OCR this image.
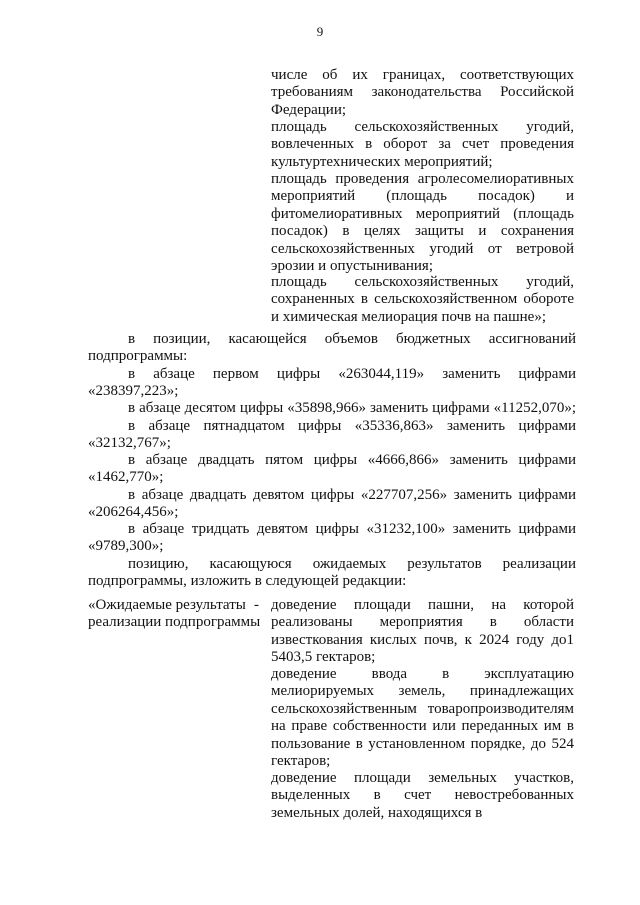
9

числе об их границах, соответствующих требованиям законодательства Российской Федерации;

площадь сельскохозяйственных угодий, вовлеченных в оборот за счет проведения культуртехнических мероприятий;

площадь проведения агролесомелиоративных мероприятий (площадь посадок) и фитомелиоративных мероприятий (площадь посадок) в целях защиты и сохранения сельскохозяйственных угодий от ветровой эрозии и опустынивания;

площадь сельскохозяйственных угодий, сохраненных в сельскохозяйственном обороте и химическая мелиорация почв на пашне»;

в позиции, касающейся объемов бюджетных ассигнований подпрограммы:

в абзаце первом цифры «263044,119» заменить цифрами «238397,223»;

в абзаце десятом цифры «35898,966» заменить цифрами «11252,070»;

в абзаце пятнадцатом цифры «35336,863» заменить цифрами «32132,767»;

в абзаце двадцать пятом цифры «4666,866» заменить цифрами «1462,770»;

в абзаце двадцать девятом цифры «227707,256» заменить цифрами «206264,456»;

в абзаце тридцать девятом цифры «31232,100» заменить цифрами «9789,300»;

позицию, касающуюся ожидаемых результатов реализации подпрограммы, изложить в следующей редакции:

«Ожидаемые результаты реализации подпрограммы

- доведение площади пашни, на которой реализованы мероприятия в области известкования кислых почв, к 2024 году до1 5403,5 гектаров;

доведение ввода в эксплуатацию мелиорируемых земель, принадлежащих сельскохозяйственным товаропроизводителям на праве собственности или переданных им в пользование в установленном порядке, до 524 гектаров;

доведение площади земельных участков, выделенных в счет невостребованных земельных долей, находящихся в
